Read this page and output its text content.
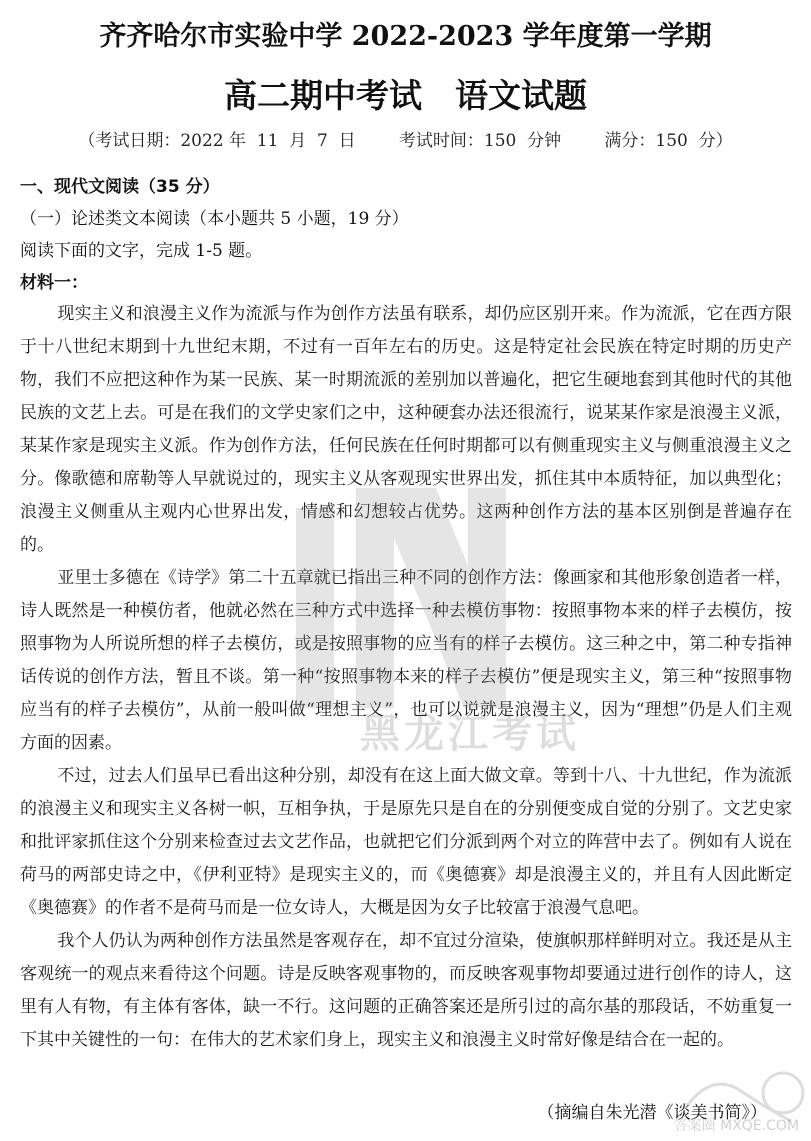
齐齐哈尔市实验中学 2022-2023 学年度第一学期
高二期中考试　语文试题
（考试日期：2022 年  11  月  7  日        考试时间：150  分钟        满分：150  分）
一、现代文阅读（35 分）
（一）论述类文本阅读（本小题共 5 小题，19 分）
阅读下面的文字，完成 1-5 题。
材料一：

现实主义和浪漫主义作为流派与作为创作方法虽有联系，却仍应区别开来。作为流派，它在西方限于十八世纪末期到十九世纪末期，不过有一百年左右的历史。这是特定社会民族在特定时期的历史产物，我们不应把这种作为某一民族、某一时期流派的差别加以普遍化，把它生硬地套到其他时代的其他民族的文艺上去。可是在我们的文学史家们之中，这种硬套办法还很流行，说某某作家是浪漫主义派，某某作家是现实主义派。作为创作方法，任何民族在任何时期都可以有侧重现实主义与侧重浪漫主义之分。像歌德和席勒等人早就说过的，现实主义从客观现实世界出发，抓住其中本质特征，加以典型化；浪漫主义侧重从主观内心世界出发，情感和幻想较占优势。这两种创作方法的基本区别倒是普遍存在的。

亚里士多德在《诗学》第二十五章就已指出三种不同的创作方法：像画家和其他形象创造者一样，诗人既然是一种模仿者，他就必然在三种方式中选择一种去模仿事物：按照事物本来的样子去模仿，按照事物为人所说所想的样子去模仿，或是按照事物的应当有的样子去模仿。这三种之中，第二种专指神话传说的创作方法，暂且不谈。第一种“按照事物本来的样子去模仿”便是现实主义，第三种“按照事物应当有的样子去模仿”，从前一般叫做“理想主义”，也可以说就是浪漫主义，因为“理想”仍是人们主观方面的因素。

不过，过去人们虽早已看出这种分别，却没有在这上面大做文章。等到十八、十九世纪，作为流派的浪漫主义和现实主义各树一帜，互相争执，于是原先只是自在的分别便变成自觉的分别了。文艺史家和批评家抓住这个分别来检查过去文艺作品，也就把它们分派到两个对立的阵营中去了。例如有人说在荷马的两部史诗之中，《伊利亚特》是现实主义的，而《奥德赛》却是浪漫主义的，并且有人因此断定《奥德赛》的作者不是荷马而是一位女诗人，大概是因为女子比较富于浪漫气息吧。

我个人仍认为两种创作方法虽然是客观存在，却不宜过分渲染，使旗帜那样鲜明对立。我还是从主客观统一的观点来看待这个问题。诗是反映客观事物的，而反映客观事物却要通过进行创作的诗人，这里有人有物，有主体有客体，缺一不行。这问题的正确答案还是所引过的高尔基的那段话，不妨重复一下其中关键性的一句：在伟大的艺术家们身上，现实主义和浪漫主义时常好像是结合在一起的。

（摘编自朱光潜《谈美书简》）
黑龙江考试
答案圈 MXQE.COM
